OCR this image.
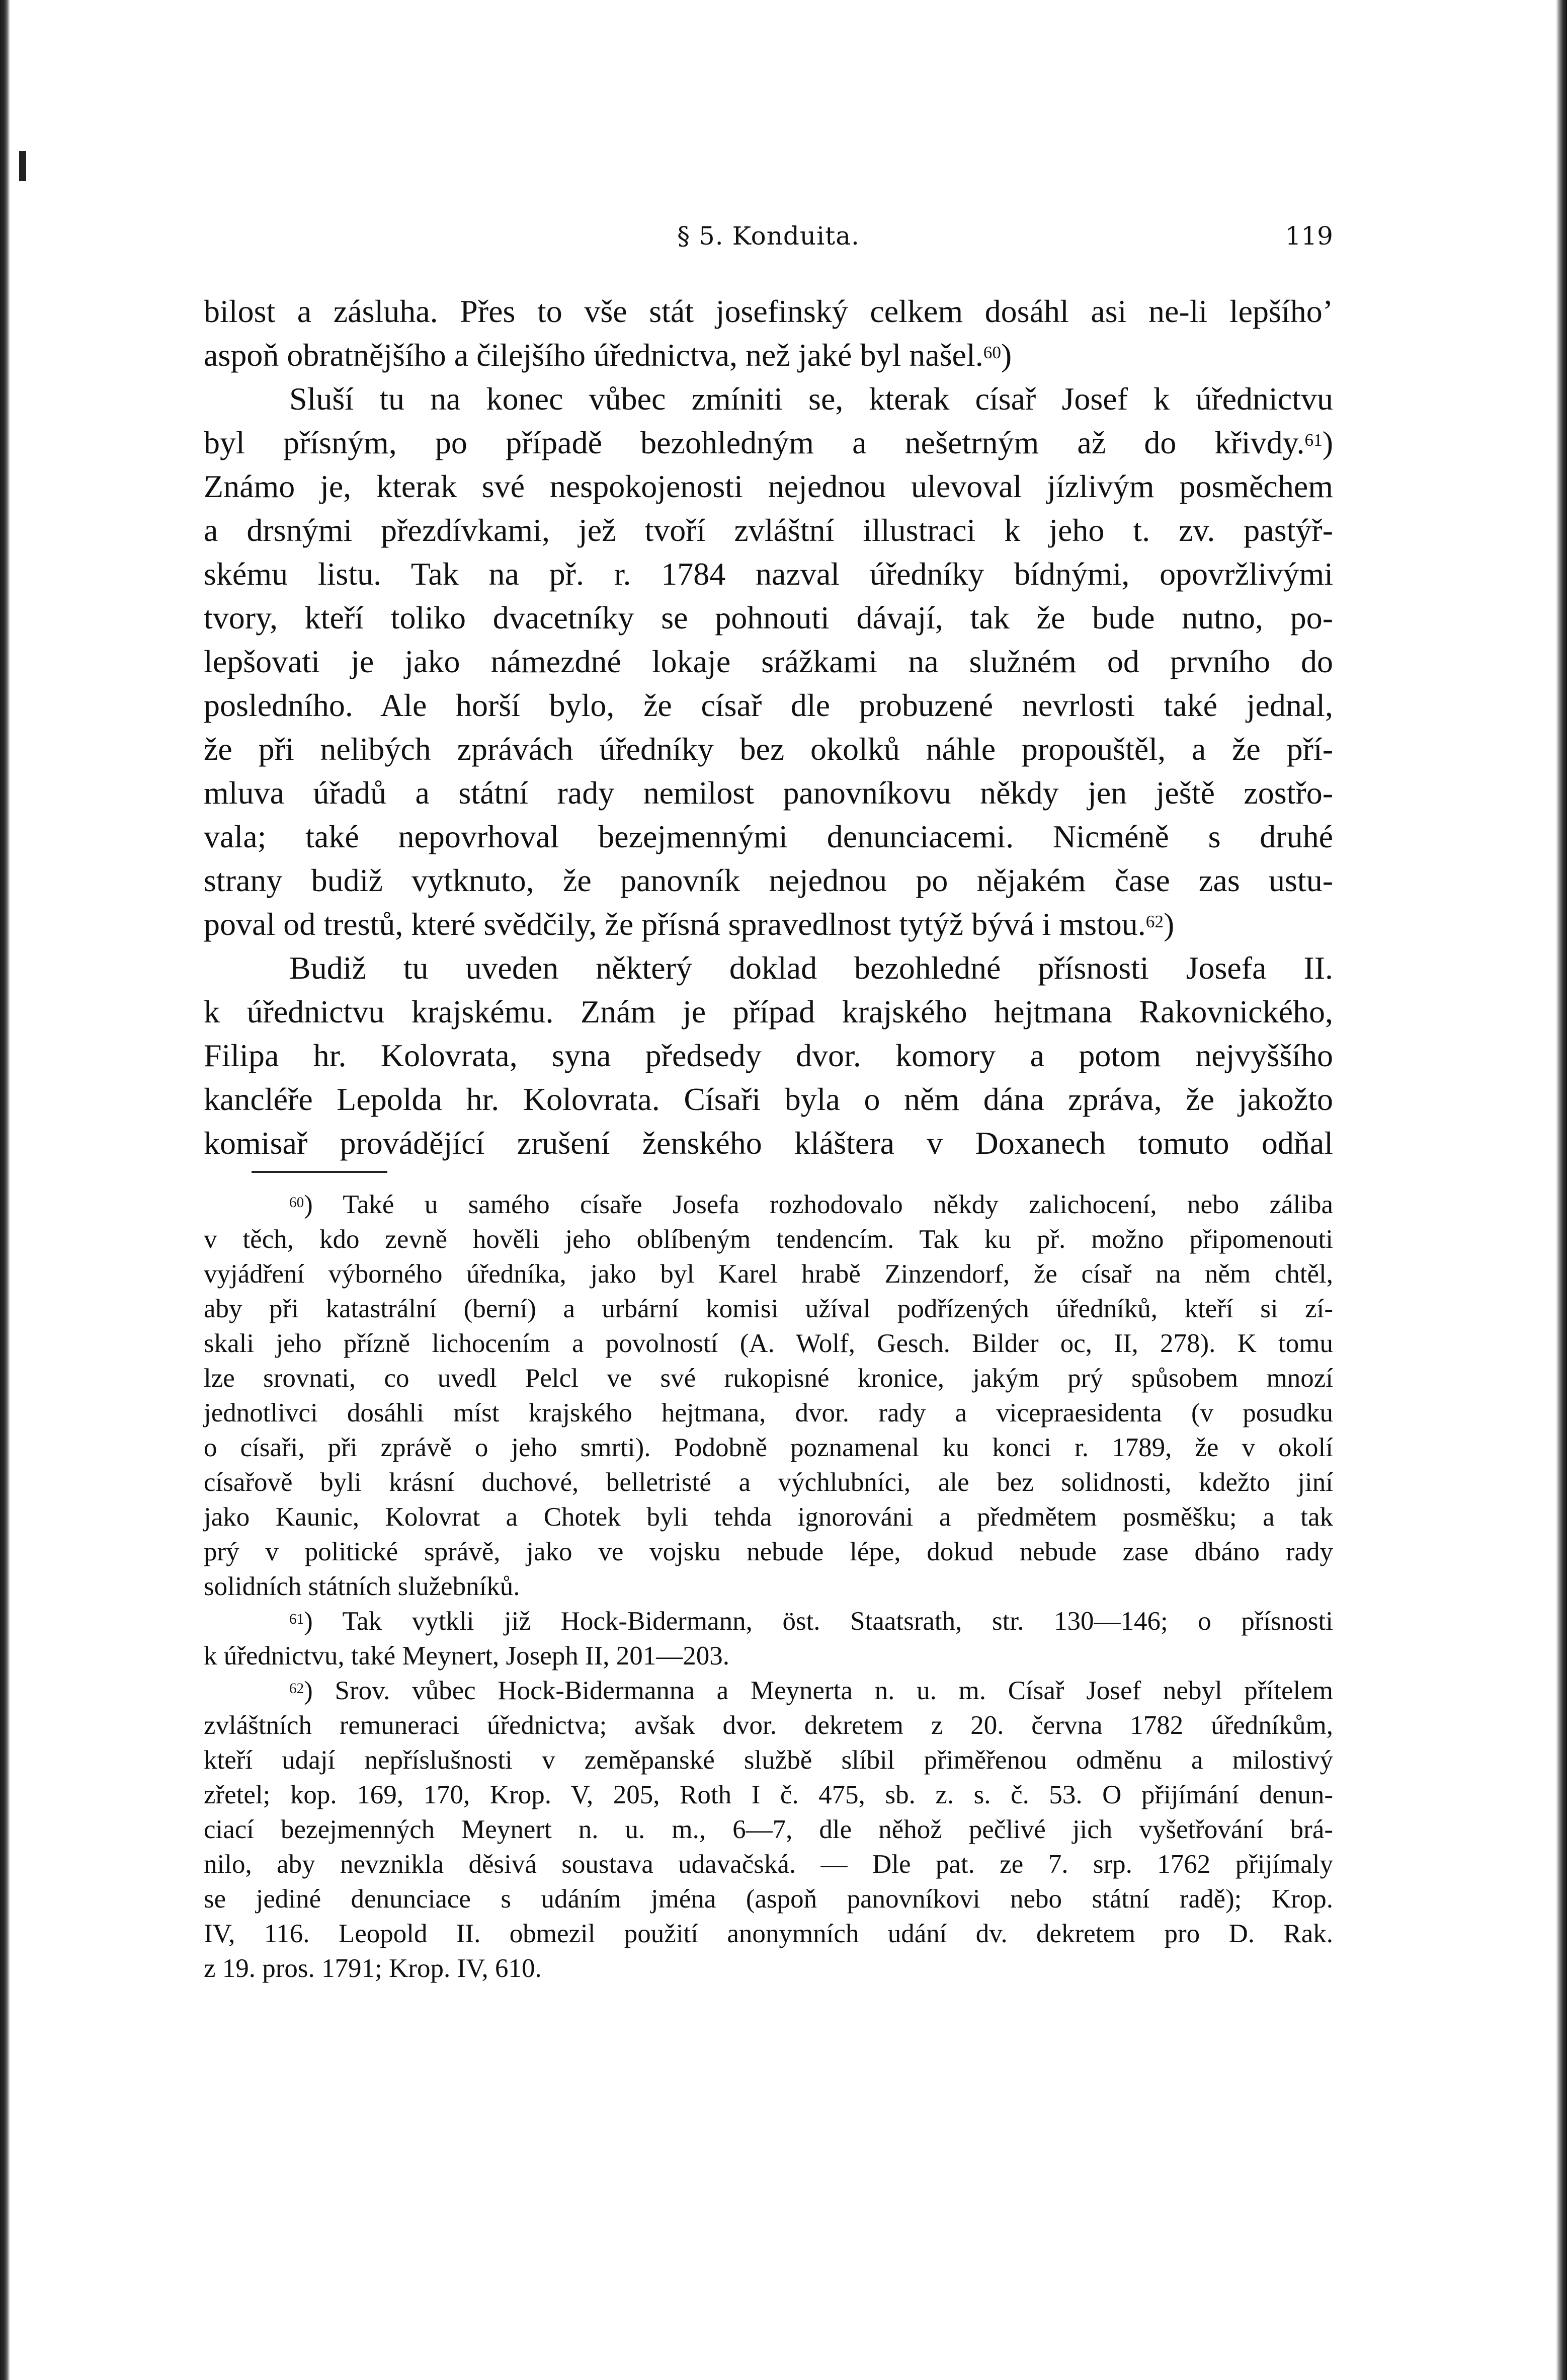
§ 5. Konduita.	119
bilost a zásluha. Přes to vše stát josefinský celkem dosáhl asi ne-li lepšího’
aspoň obratnějšího a čilejšího úřednictva, než jaké byl našel.$^{60}$)
Sluší tu na konec vůbec zmíniti se, kterak císař Josef k úřednictvu
byl přísným, po případě bezohledným a nešetrným až do křivdy.$^{61}$)
Známo je, kterak své nespokojenosti nejednou ulevoval jízlivým posměchem
a drsnými přezdívkami, jež tvoří zvláštní illustraci k jeho t. zv. pastýř-
skému listu. Tak na př. r. 1784 nazval úředníky bídnými, opovržlivými
tvory, kteří toliko dvacetníky se pohnouti dávají, tak že bude nutno, po-
lepšovati je jako námezdné lokaje srážkami na služném od prvního do
posledního. Ale horší bylo, že císař dle probuzené nevrlosti také jednal,
že při nelibých zprávách úředníky bez okolků náhle propouštěl, a že pří-
mluva úřadů a státní rady nemilost panovníkovu někdy jen ještě zostřo-
vala; také nepovrhoval bezejmennými denunciacemi. Nicméně s druhé
strany budiž vytknuto, že panovník nejednou po nějakém čase zas ustu-
poval od trestů, které svědčily, že přísná spravedlnost tytýž bývá i mstou.$^{62}$)
Budiž tu uveden některý doklad bezohledné přísnosti Josefa II.
k úřednictvu krajskému. Znám je případ krajského hejtmana Rakovnického,
Filipa hr. Kolovrata, syna předsedy dvor. komory a potom nejvyššího
kancléře Lepolda hr. Kolovrata. Císaři byla o něm dána zpráva, že jakožto
komisař provádějící zrušení ženského kláštera v Doxanech tomuto odňal
$^{60}$) Také u samého císaře Josefa rozhodovalo někdy zalichocení, nebo záliba
v těch, kdo zevně hověli jeho oblíbeným tendencím. Tak ku př. možno připomenouti
vyjádření výborného úředníka, jako byl Karel hrabě Zinzendorf, že císař na něm chtěl,
aby při katastrální (berní) a urbární komisi užíval podřízených úředníků, kteří si zí-
skali jeho přízně lichocením a povolností (A. Wolf, Gesch. Bilder oc, II, 278). K tomu
lze srovnati, co uvedl Pelcl ve své rukopisné kronice, jakým prý spůsobem mnozí
jednotlivci dosáhli míst krajského hejtmana, dvor. rady a vicepraesidenta (v posudku
o císaři, při zprávě o jeho smrti). Podobně poznamenal ku konci r. 1789, že v okolí
císařově byli krásní duchové, belletristé a výchlubníci, ale bez solidnosti, kdežto jiní
jako Kaunic, Kolovrat a Chotek byli tehda ignorováni a předmětem posměšku; a tak
prý v politické správě, jako ve vojsku nebude lépe, dokud nebude zase dbáno rady
solidních státních služebníků.
$^{61}$) Tak vytkli již Hock-Bidermann, öst. Staatsrath, str. 130—146; o přísnosti
k úřednictvu, také Meynert, Joseph II, 201—203.
$^{62}$) Srov. vůbec Hock-Bidermanna a Meynerta n. u. m. Císař Josef nebyl přítelem
zvláštních remuneraci úřednictva; avšak dvor. dekretem z 20. června 1782 úředníkům,
kteří udají nepříslušnosti v zeměpanské službě slíbil přiměřenou odměnu a milostivý
zřetel; kop. 169, 170, Krop. V, 205, Roth I č. 475, sb. z. s. č. 53. O přijímání denun-
ciací bezejmenných Meynert n. u. m., 6—7, dle něhož pečlivé jich vyšetřování brá-
nilo, aby nevznikla děsivá soustava udavačská. — Dle pat. ze 7. srp. 1762 přijímaly
se jediné denunciace s udáním jména (aspoň panovníkovi nebo státní radě); Krop.
IV, 116. Leopold II. obmezil použití anonymních udání dv. dekretem pro D. Rak.
z 19. pros. 1791; Krop. IV, 610.
